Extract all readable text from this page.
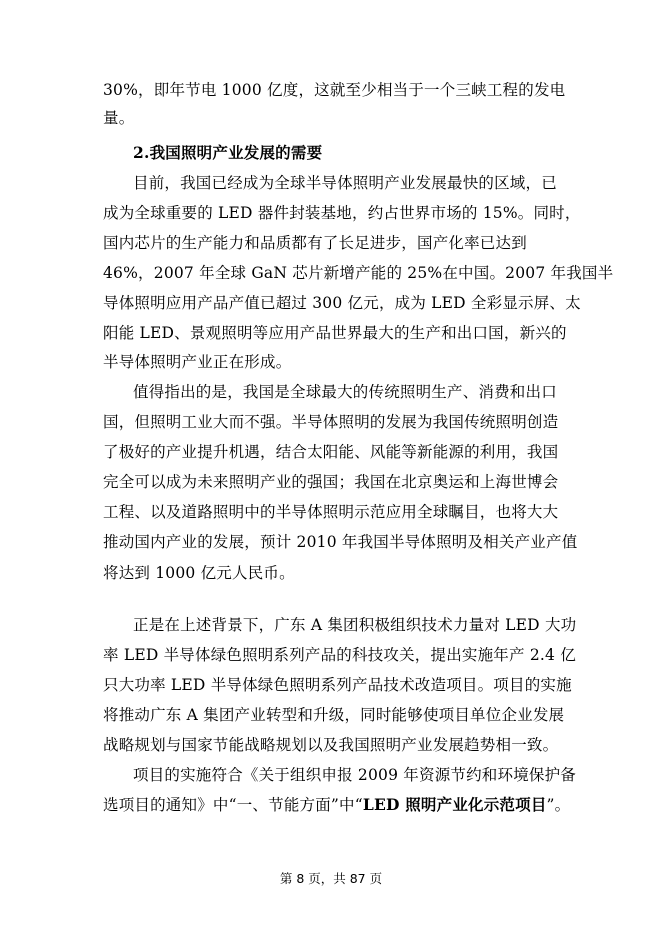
30%，即年节电 1000 亿度，这就至少相当于一个三峡工程的发电
量。
2.我国照明产业发展的需要
目前，我国已经成为全球半导体照明产业发展最快的区域，已
成为全球重要的 LED 器件封装基地，约占世界市场的 15%。同时，
国内芯片的生产能力和品质都有了长足进步，国产化率已达到
46%，2007 年全球 GaN 芯片新增产能的 25%在中国。2007 年我国半
导体照明应用产品产值已超过 300 亿元，成为 LED 全彩显示屏、太
阳能 LED、景观照明等应用产品世界最大的生产和出口国，新兴的
半导体照明产业正在形成。
值得指出的是，我国是全球最大的传统照明生产、消费和出口
国，但照明工业大而不强。半导体照明的发展为我国传统照明创造
了极好的产业提升机遇，结合太阳能、风能等新能源的利用，我国
完全可以成为未来照明产业的强国；我国在北京奥运和上海世博会
工程、以及道路照明中的半导体照明示范应用全球瞩目，也将大大
推动国内产业的发展，预计 2010 年我国半导体照明及相关产业产值
将达到 1000 亿元人民币。
正是在上述背景下，广东 A 集团积极组织技术力量对 LED 大功
率 LED 半导体绿色照明系列产品的科技攻关，提出实施年产 2.4 亿
只大功率 LED 半导体绿色照明系列产品技术改造项目。项目的实施
将推动广东 A 集团产业转型和升级，同时能够使项目单位企业发展
战略规划与国家节能战略规划以及我国照明产业发展趋势相一致。
项目的实施符合《关于组织申报 2009 年资源节约和环境保护备
选项目的通知》中“一、节能方面”中“LED 照明产业化示范项目”。
第 8 页，共 87 页
